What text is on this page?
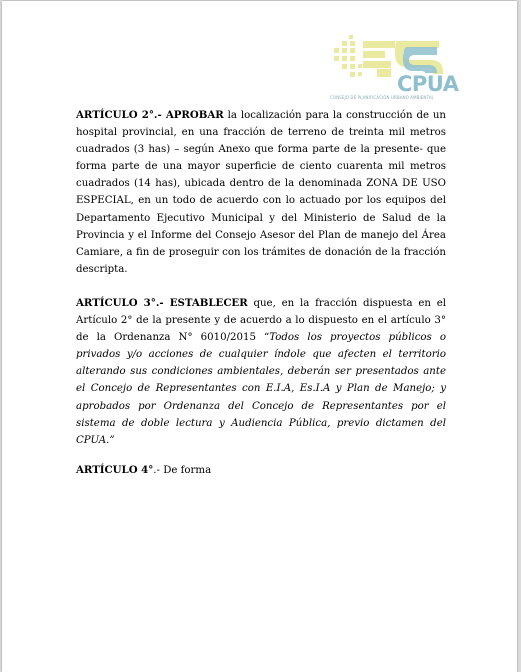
CPUA
CONSEJO DE PLANIFICACIÓN URBANO AMBIENTAL
ARTÍCULO 2°.- APROBAR la localización para la construcción de un hospital provincial, en una fracción de terreno de treinta mil metros cuadrados (3 has) – según Anexo que forma parte de la presente- que forma parte de una mayor superficie de ciento cuarenta mil metros cuadrados (14 has), ubicada dentro de la denominada ZONA DE USO ESPECIAL, en un todo de acuerdo con lo actuado por los equipos del Departamento Ejecutivo Municipal y del Ministerio de Salud de la Provincia y el Informe del Consejo Asesor del Plan de manejo del Área Camiare, a fin de proseguir con los trámites de donación de la fracción descripta.
ARTÍCULO 3°.- ESTABLECER que, en la fracción dispuesta en el Artículo 2° de la presente y de acuerdo a lo dispuesto en el artículo 3° de la Ordenanza N° 6010/2015 “Todos los proyectos públicos o privados y/o acciones de cualquier índole que afecten el territorio alterando sus condiciones ambientales, deberán ser presentados ante el Concejo de Representantes con E.I.A, Es.I.A y Plan de Manejo; y aprobados por Ordenanza del Concejo de Representantes por el sistema de doble lectura y Audiencia Pública, previo dictamen del CPUA.”
ARTÍCULO 4°.- De forma
